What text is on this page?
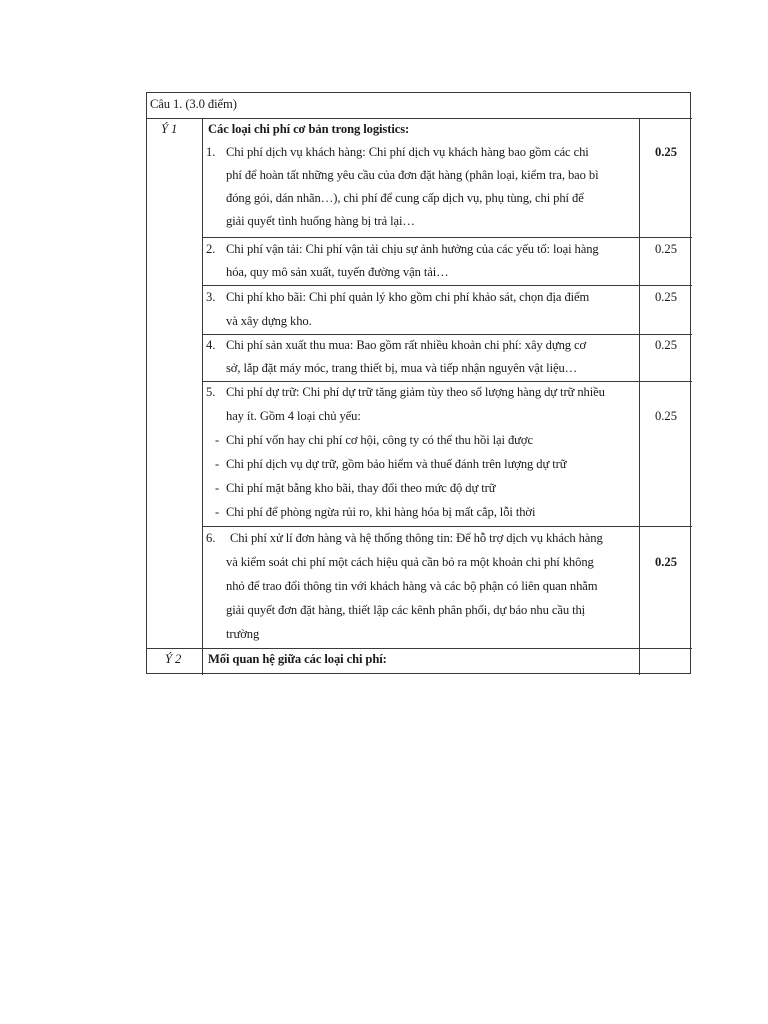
Câu 1. (3.0 điểm)
Ý 1 Các loại chi phí cơ bản trong logistics:
1. Chi phí dịch vụ khách hàng: Chi phí dịch vụ khách hàng bao gồm các chi
phí để hoàn tất những yêu cầu của đơn đặt hàng (phân loại, kiểm tra, bao bì
đóng gói, dán nhãn…), chi phí để cung cấp dịch vụ, phụ tùng, chi phí để
giải quyết tình huống hàng bị trả lại…
0.25
2. Chi phí vận tải: Chi phí vận tải chịu sự ảnh hưởng của các yếu tố: loại hàng
hóa, quy mô sản xuất, tuyến đường vận tải…
0.25
3. Chi phí kho bãi: Chi phí quản lý kho gồm chi phí khảo sát, chọn địa điểm
và xây dựng kho.
0.25
4. Chi phí sản xuất thu mua: Bao gồm rất nhiều khoản chi phí: xây dựng cơ
sở, lắp đặt máy móc, trang thiết bị, mua và tiếp nhận nguyên vật liệu…
0.25
5. Chi phí dự trữ: Chi phí dự trữ tăng giảm tùy theo số lượng hàng dự trữ nhiều
hay ít. Gồm 4 loại chủ yếu:	0.25
- Chi phí vốn hay chi phí cơ hội, công ty có thể thu hồi lại được
- Chi phí dịch vụ dự trữ, gồm bảo hiểm và thuế đánh trên lượng dự trữ
- Chi phí mặt bằng kho bãi, thay đổi theo mức độ dự trữ
- Chi phí để phòng ngừa rủi ro, khi hàng hóa bị mất cắp, lỗi thời
6. Chi phí xử lí đơn hàng và hệ thống thông tin: Để hỗ trợ dịch vụ khách hàng
và kiểm soát chi phí một cách hiệu quả cần bỏ ra một khoản chi phí không
nhỏ để trao đổi thông tin với khách hàng và các bộ phận có liên quan nhằm
giải quyết đơn đặt hàng, thiết lập các kênh phân phối, dự báo nhu cầu thị
trường
0.25
Ý 2 Mối quan hệ giữa các loại chi phí:
